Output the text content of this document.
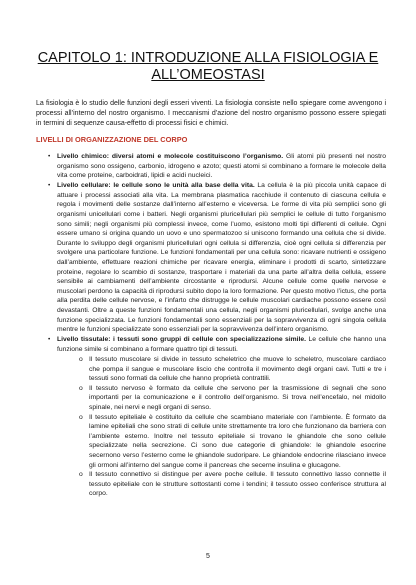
CAPITOLO 1: INTRODUZIONE ALLA FISIOLOGIA E
ALL’OMEOSTASI
La fisiologia è lo studio delle funzioni degli esseri viventi. La fisiologia consiste nello spiegare come avvengono i processi all’interno del nostro organismo. I meccanismi d’azione del nostro organismo possono essere spiegati in termini di sequenze causa-effetto di processi fisici e chimici.
LIVELLI DI ORGANIZZAZIONE DEL CORPO
• Livello chimico: diversi atomi e molecole costituiscono l’organismo. Gli atomi più presenti nel nostro organismo sono ossigeno, carbonio, idrogeno e azoto; questi atomi si combinano a formare le molecole della vita come proteine, carboidrati, lipidi e acidi nucleici.
• Livello cellulare: le cellule sono le unità alla base della vita. La cellula è la più piccola unità capace di attuare i processi associati alla vita. La membrana plasmatica racchiude il contenuto di ciascuna cellula e regola i movimenti delle sostanze dall’interno all’esterno e viceversa. Le forme di vita più semplici sono gli organismi unicellulari come i batteri. Negli organismi pluricellulari più semplici le cellule di tutto l’organismo sono simili; negli organismi più complessi invece, come l’uomo, esistono molti tipi differenti di cellule. Ogni essere umano si origina quando un uovo e uno spermatozoo si uniscono formando una cellula che si divide. Durante lo sviluppo degli organismi pluricellulari ogni cellula si differenzia, cioè ogni cellula si differenzia per svolgere una particolare funzione. Le funzioni fondamentali per una cellula sono: ricavare nutrienti e ossigeno dall’ambiente, effettuare reazioni chimiche per ricavare energia, eliminare i prodotti di scarto, sintetizzare proteine, regolare lo scambio di sostanze, trasportare i materiali da una parte all’altra della cellula, essere sensibile ai cambiamenti dell’ambiente circostante e riprodursi. Alcune cellule come quelle nervose e muscolari perdono la capacità di riprodursi subito dopo la loro formazione. Per questo motivo l’ictus, che porta alla perdita delle cellule nervose, e l’infarto che distrugge le cellule muscolari cardiache possono essere così devastanti. Oltre a queste funzioni fondamentali una cellula, negli organismi pluricellulari, svolge anche una funzione specializzata. Le funzioni fondamentali sono essenziali per la sopravvivenza di ogni singola cellula mentre le funzioni specializzate sono essenziali per la sopravvivenza dell’intero organismo.
• Livello tissutale: i tessuti sono gruppi di cellule con specializzazione simile. Le cellule che hanno una funzione simile si combinano a formare quattro tipi di tessuti.
o Il tessuto muscolare si divide in tessuto scheletrico che muove lo scheletro, muscolare cardiaco che pompa il sangue e muscolare liscio che controlla il movimento degli organi cavi. Tutti e tre i tessuti sono formati da cellule che hanno proprietà contrattili.
o Il tessuto nervoso è formato da cellule che servono per la trasmissione di segnali che sono importanti per la comunicazione e il controllo dell’organismo. Si trova nell’encefalo, nel midollo spinale, nei nervi e negli organi di senso.
o Il tessuto epiteliale è costituito da cellule che scambiano materiale con l’ambiente. È formato da lamine epiteliali che sono strati di cellule unite strettamente tra loro che funzionano da barriera con l’ambiente esterno. Inoltre nel tessuto epiteliale si trovano le ghiandole che sono cellule specializzate nella secrezione. Ci sono due categorie di ghiandole: le ghiandole esocrine secernono verso l’esterno come le ghiandole sudoripare. Le ghiandole endocrine rilasciano invece gli ormoni all’interno del sangue come il pancreas che secerne insulina e glucagone.
o Il tessuto connettivo si distingue per avere poche cellule. Il tessuto connettivo lasso connette il tessuto epiteliale con le strutture sottostanti come i tendini; il tessuto osseo conferisce struttura al corpo.
5
